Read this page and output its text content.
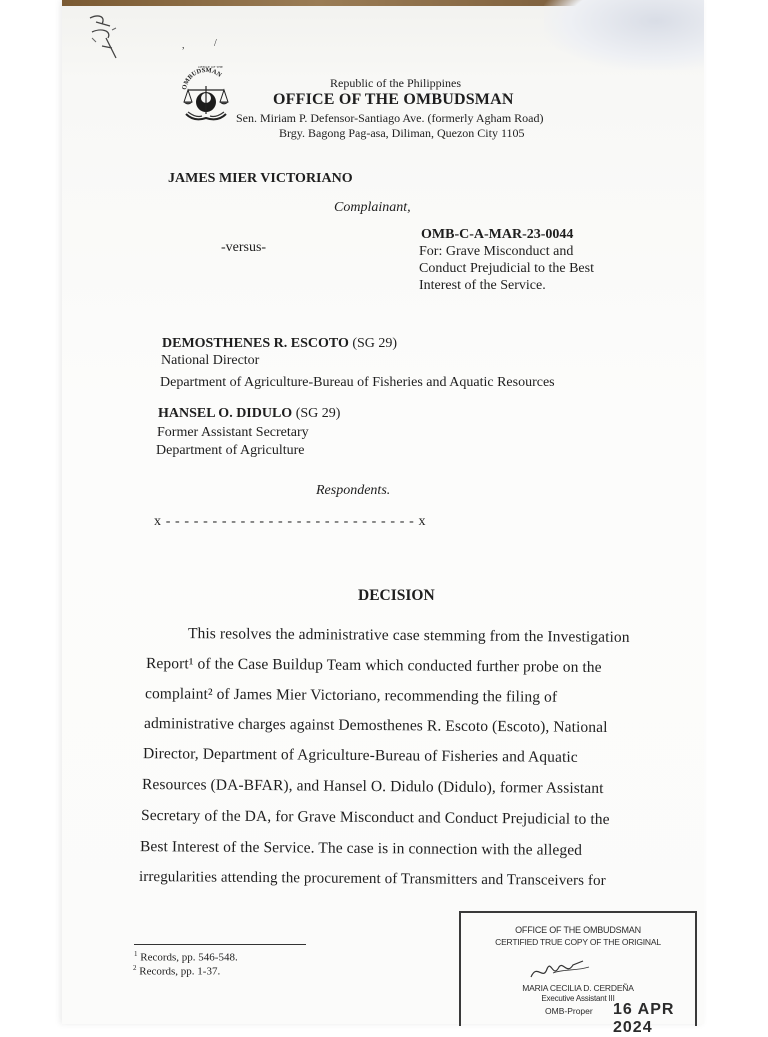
,	/
OMBUDSMAN
OFFICE OF THE
Republic of the Philippines
OFFICE OF THE OMBUDSMAN
Sen. Miriam P. Defensor-Santiago Ave. (formerly Agham Road)
Brgy. Bagong Pag-asa, Diliman, Quezon City 1105
JAMES MIER VICTORIANO
Complainant,
-versus-
OMB-C-A-MAR-23-0044
For: Grave Misconduct and
Conduct Prejudicial to the Best
Interest of the Service.
DEMOSTHENES R. ESCOTO (SG 29)
National Director
Department of Agriculture-Bureau of Fisheries and Aquatic Resources
HANSEL O. DIDULO (SG 29)
Former Assistant Secretary
Department of Agriculture
Respondents.
x - - - - - - - - - - - - - - - - - - - - - - - - - - - x
DECISION
This resolves the administrative case stemming from the Investigation
Report¹ of the Case Buildup Team which conducted further probe on the
complaint² of James Mier Victoriano, recommending the filing of
administrative charges against Demosthenes R. Escoto (Escoto), National
Director, Department of Agriculture-Bureau of Fisheries and Aquatic
Resources (DA-BFAR), and Hansel O. Didulo (Didulo), former Assistant
Secretary of the DA, for Grave Misconduct and Conduct Prejudicial to the
Best Interest of the Service. The case is in connection with the alleged
irregularities attending the procurement of Transmitters and Transceivers for
$^1$ Records, pp. 546-548.
$^2$ Records, pp. 1-37.
OFFICE OF THE OMBUDSMAN
CERTIFIED TRUE COPY OF THE ORIGINAL
MARIA CECILIA D. CERDEÑA
Executive Assistant III
OMB-Proper 16 APR 2024
